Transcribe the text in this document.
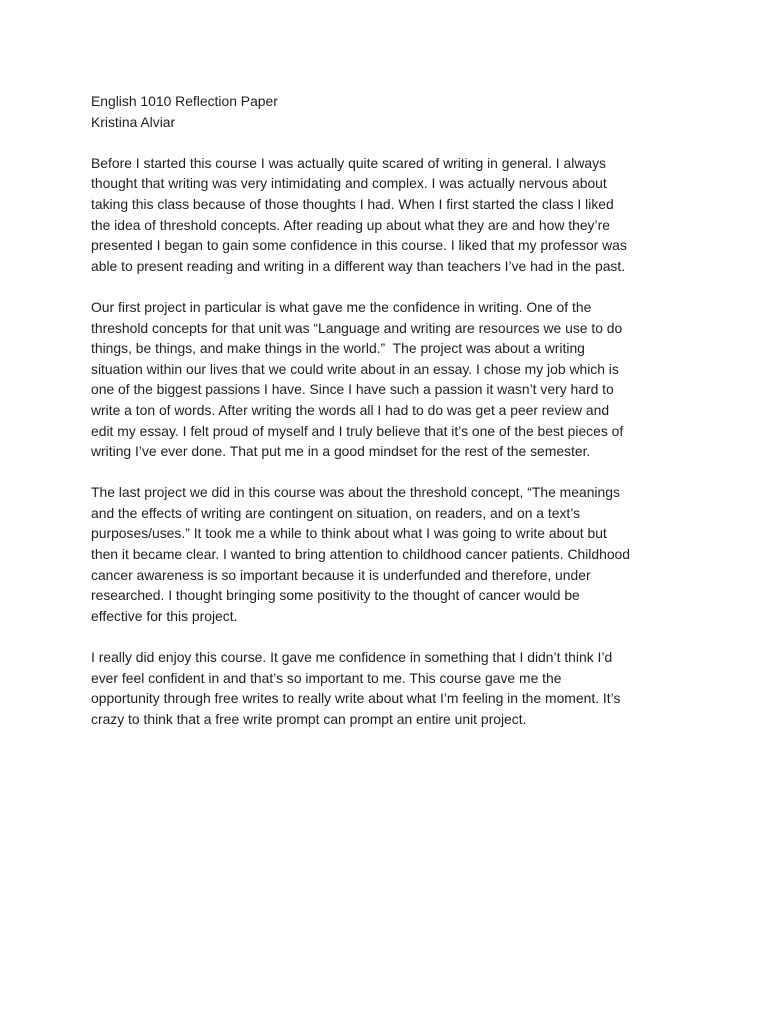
English 1010 Reflection Paper
Kristina Alviar
Before I started this course I was actually quite scared of writing in general. I always
thought that writing was very intimidating and complex. I was actually nervous about
taking this class because of those thoughts I had. When I first started the class I liked
the idea of threshold concepts. After reading up about what they are and how they’re
presented I began to gain some confidence in this course. I liked that my professor was
able to present reading and writing in a different way than teachers I’ve had in the past.
Our first project in particular is what gave me the confidence in writing. One of the
threshold concepts for that unit was “Language and writing are resources we use to do
things, be things, and make things in the world.”  The project was about a writing
situation within our lives that we could write about in an essay. I chose my job which is
one of the biggest passions I have. Since I have such a passion it wasn’t very hard to
write a ton of words. After writing the words all I had to do was get a peer review and
edit my essay. I felt proud of myself and I truly believe that it’s one of the best pieces of
writing I’ve ever done. That put me in a good mindset for the rest of the semester.
The last project we did in this course was about the threshold concept, “The meanings
and the effects of writing are contingent on situation, on readers, and on a text’s
purposes/uses.” It took me a while to think about what I was going to write about but
then it became clear. I wanted to bring attention to childhood cancer patients. Childhood
cancer awareness is so important because it is underfunded and therefore, under
researched. I thought bringing some positivity to the thought of cancer would be
effective for this project.
I really did enjoy this course. It gave me confidence in something that I didn’t think I’d
ever feel confident in and that’s so important to me. This course gave me the
opportunity through free writes to really write about what I’m feeling in the moment. It’s
crazy to think that a free write prompt can prompt an entire unit project.
